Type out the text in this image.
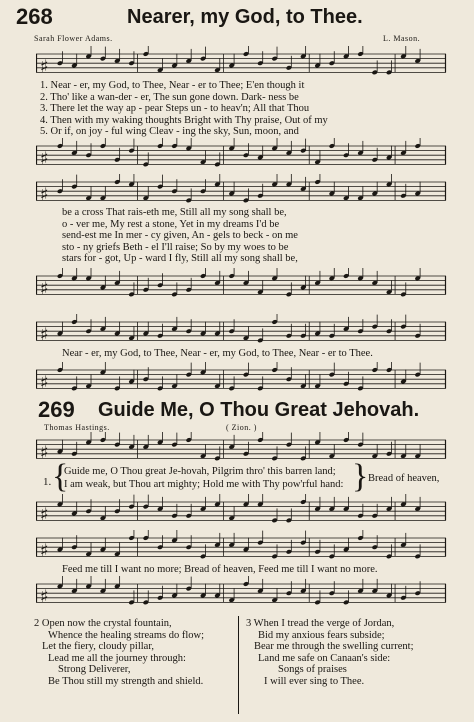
268	Nearer, my God, to Thee.
Sarah Flower Adams.	L. Mason.
♯
1. Near - er, my God, to Thee, Near - er to Thee; E'en though it
2. Tho' like a wan-der - er, The sun gone down. Dark- ness be
3. There let the way ap - pear Steps un - to heav'n; All that Thou
4. Then with my waking thoughts Bright with Thy praise, Out of my
5. Or if, on joy - ful wing Cleav - ing the sky, Sun, moon, and
♯
♯
be a cross That rais-eth me, Still all my song shall be,
o - ver me, My rest a stone, Yet in my dreams I'd be
send-est me In mer - cy given, An - gels to beck - on me
sto - ny griefs Beth - el I'll raise; So by my woes to be
stars for - got, Up - ward I fly, Still all my song shall be,
♯
♯
Near - er, my God, to Thee, Near - er, my God, to Thee, Near - er to Thee.
♯
269 Guide Me, O Thou Great Jehovah.
Thomas Hastings.	( Zion. )
♯
1. {
Guide me, O Thou great Je-hovah, Pilgrim thro' this barren land;
I am weak, but Thou art mighty; Hold me with Thy pow'rful hand: } Bread of heaven,
♯
♯
Feed me till I want no more; Bread of heaven, Feed me till I want no more.
♯
2 Open now the crystal fountain,
Whence the healing streams do flow;
Let the fiery, cloudy pillar,
Lead me all the journey through:
Strong Deliverer,
Be Thou still my strength and shield.
3 When I tread the verge of Jordan,
Bid my anxious fears subside;
Bear me through the swelling current;
Land me safe on Canaan's side:
Songs of praises
I will ever sing to Thee.
